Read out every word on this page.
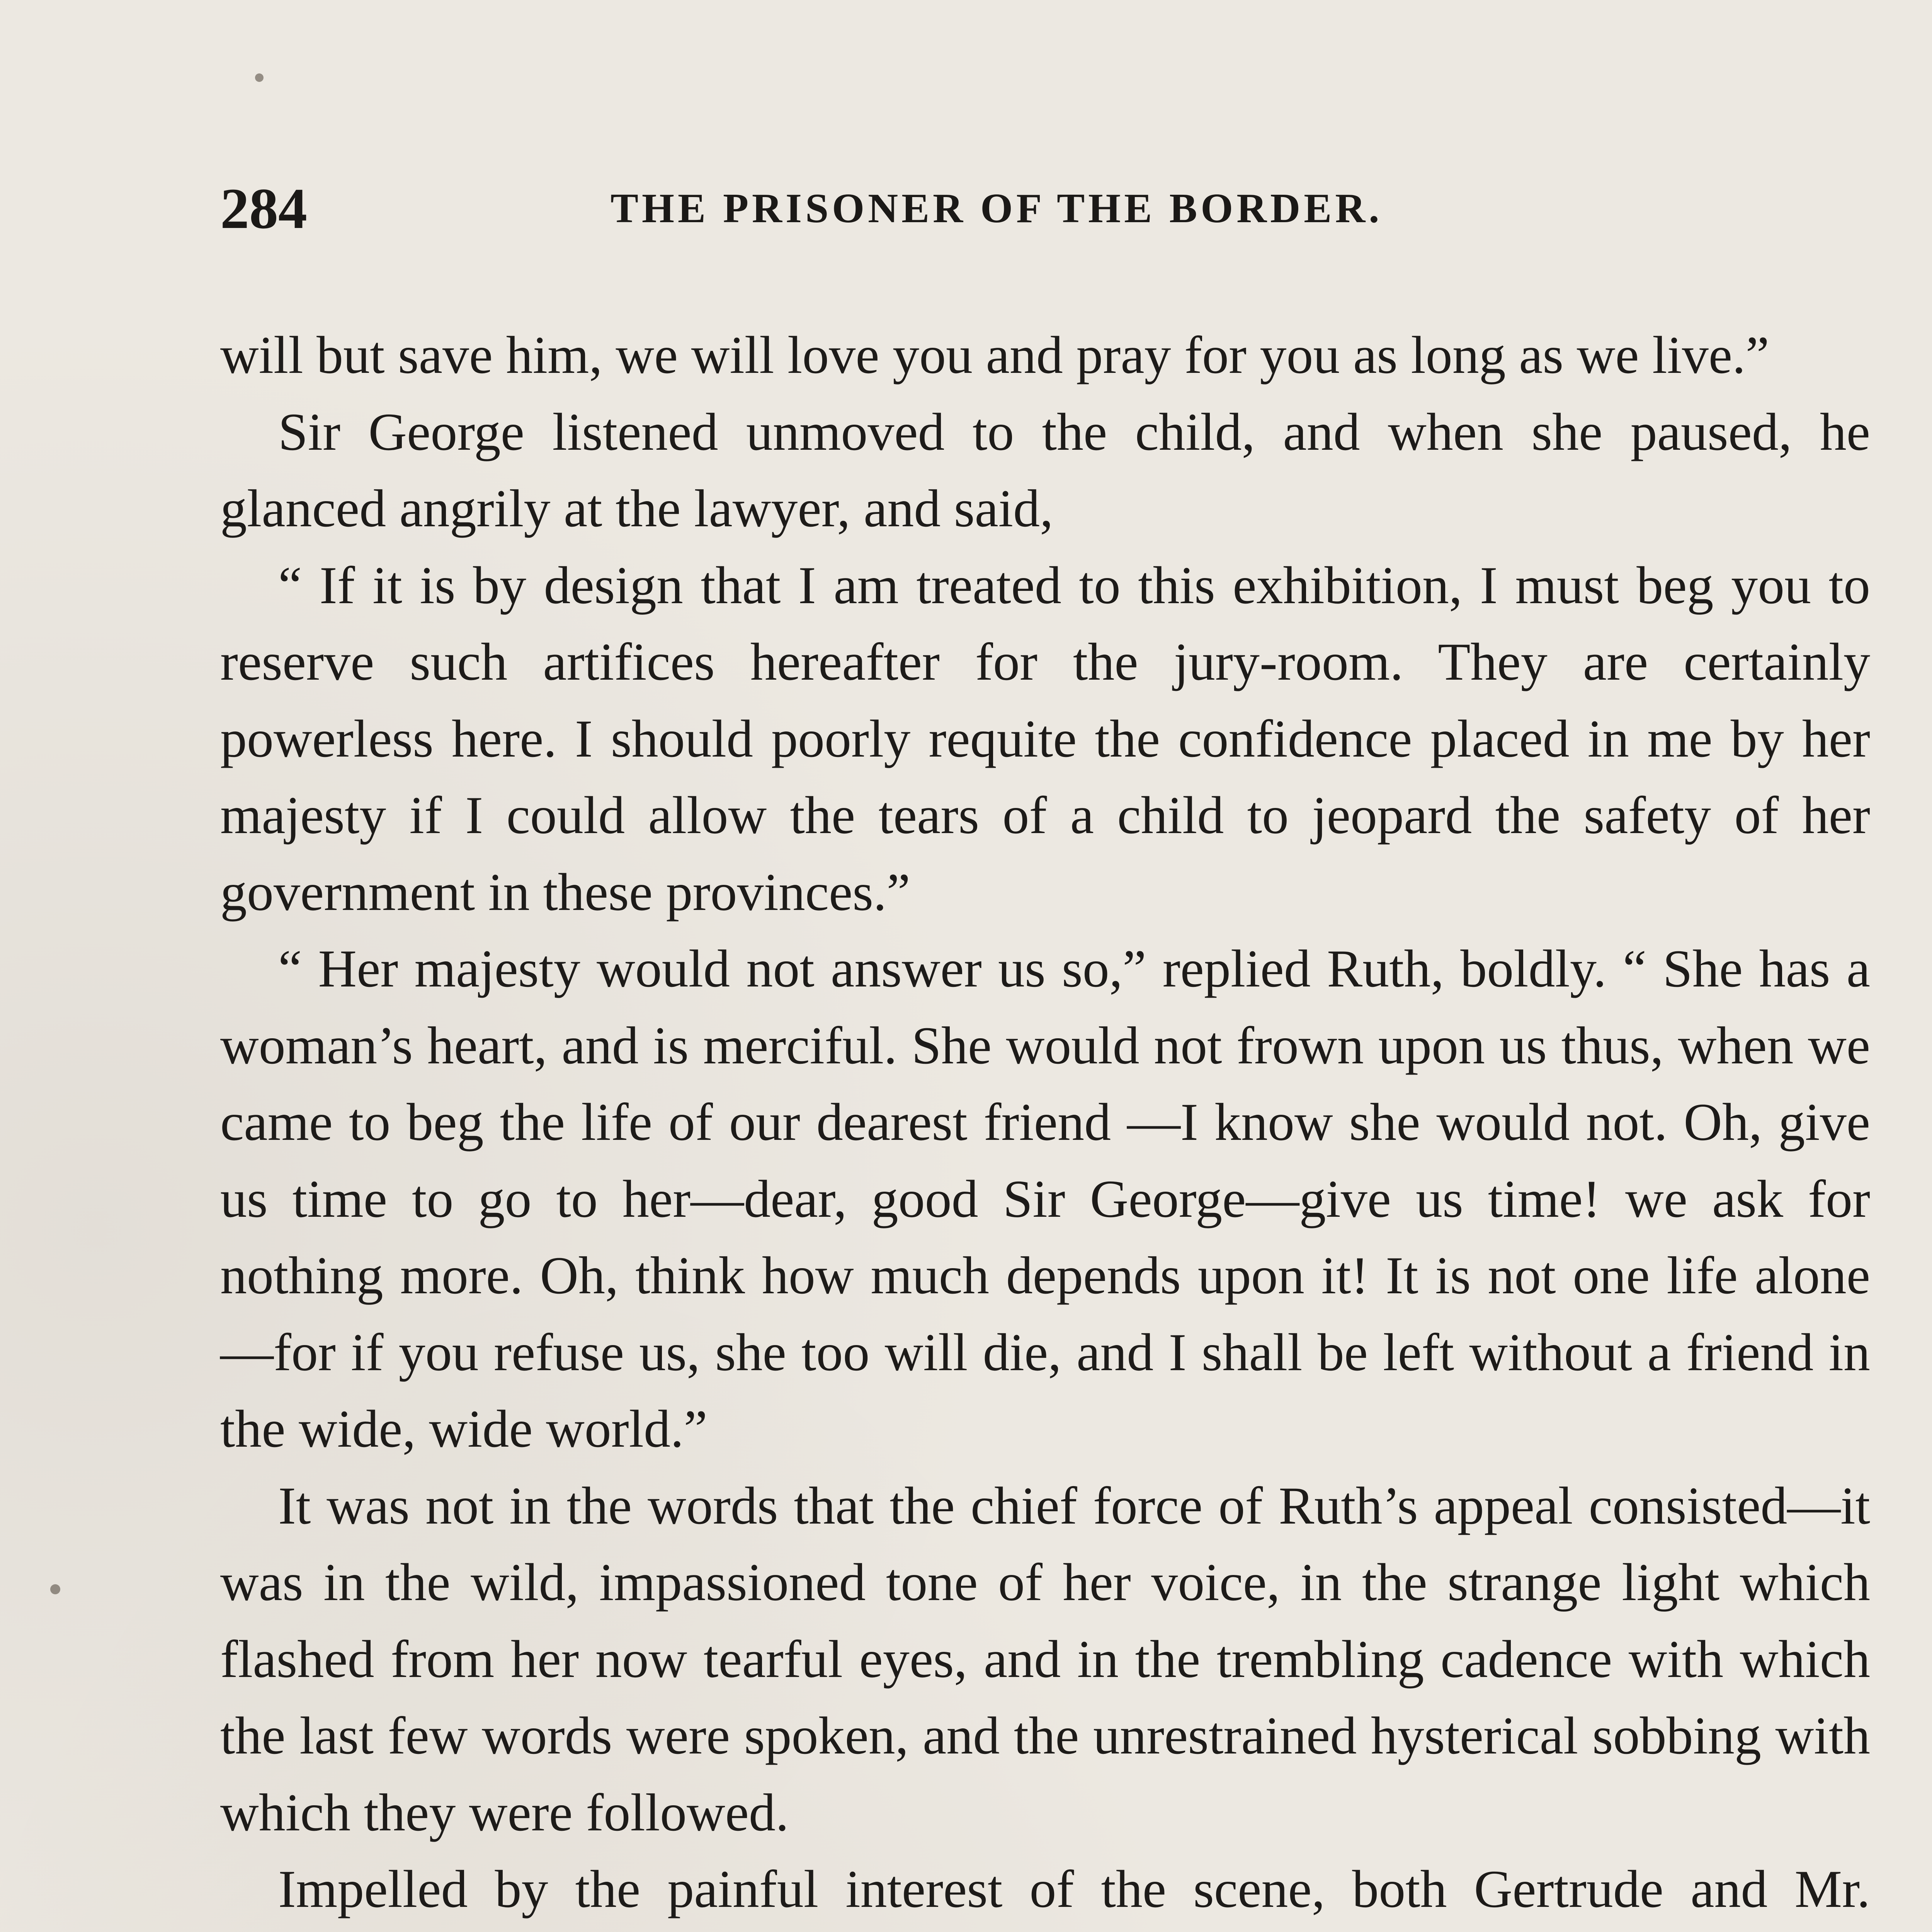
284	THE PRISONER OF THE BORDER.

will but save him, we will love you and pray for you as long as we live.”

Sir George listened unmoved to the child, and when she paused, he glanced angrily at the lawyer, and said,

“ If it is by design that I am treated to this exhibition, I must beg you to reserve such artifices hereafter for the jury-room. They are certainly powerless here. I should poorly requite the confidence placed in me by her majesty if I could allow the tears of a child to jeopard the safety of her government in these provinces.”

“ Her majesty would not answer us so,” replied Ruth, boldly. “ She has a woman’s heart, and is merciful. She would not frown upon us thus, when we came to beg the life of our dearest friend —I know she would not. Oh, give us time to go to her—dear, good Sir George—give us time! we ask for nothing more. Oh, think how much depends upon it! It is not one life alone—for if you refuse us, she too will die, and I shall be left without a friend in the wide, wide world.”

It was not in the words that the chief force of Ruth’s appeal consisted—it was in the wild, impassioned tone of her voice, in the strange light which flashed from her now tearful eyes, and in the trembling cadence with which the last few words were spoken, and the unrestrained hysterical sobbing with which they were followed.

Impelled by the painful interest of the scene, both Gertrude and Mr.
